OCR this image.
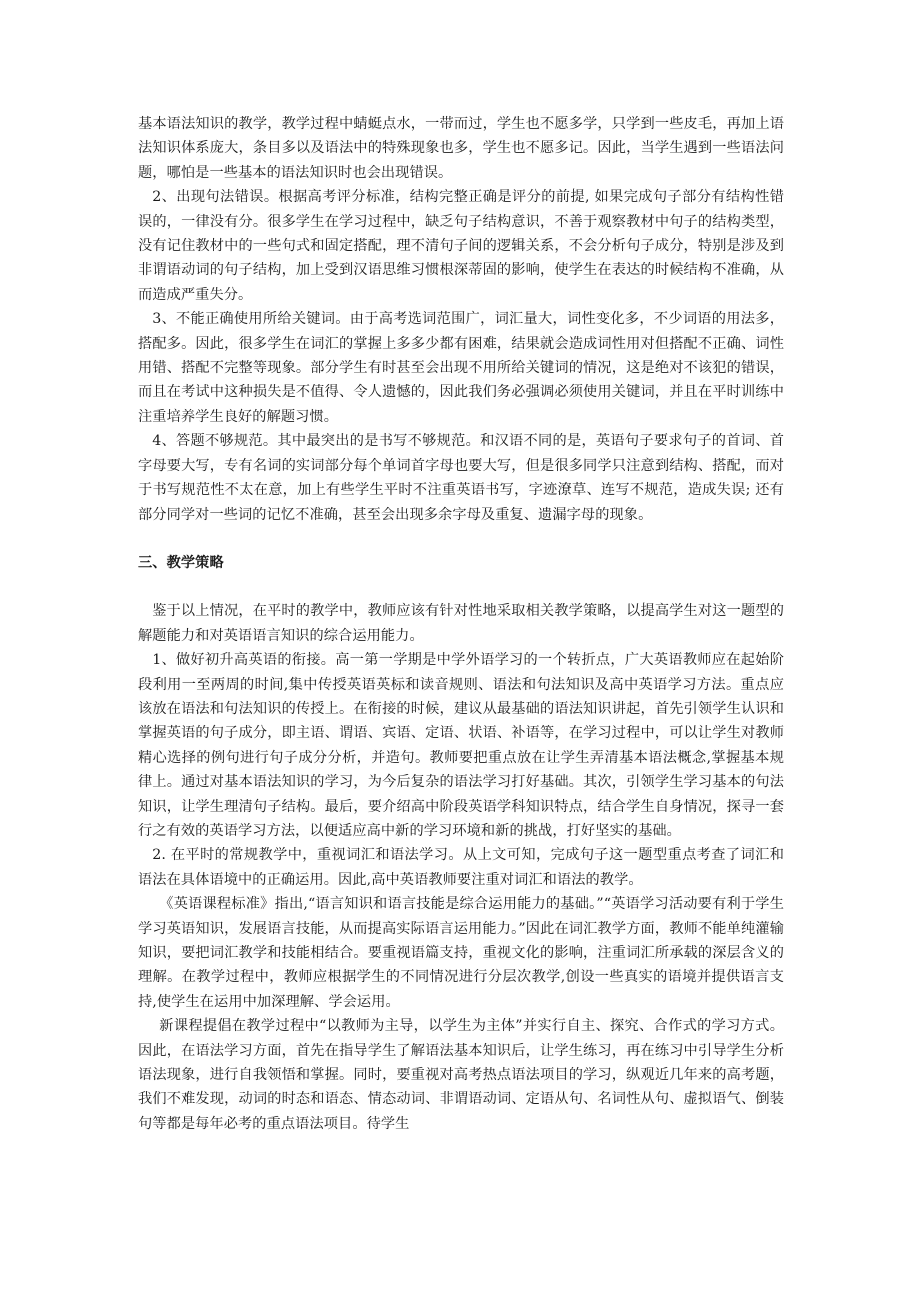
基本语法知识的教学，教学过程中蜻蜓点水，一带而过，学生也不愿多学，只学到一些皮毛，再加上语法知识体系庞大，条目多以及语法中的特殊现象也多，学生也不愿多记。因此，当学生遇到一些语法问题，哪怕是一些基本的语法知识时也会出现错误。

2、出现句法错误。根据高考评分标准，结构完整正确是评分的前提, 如果完成句子部分有结构性错误的，一律没有分。很多学生在学习过程中，缺乏句子结构意识，不善于观察教材中句子的结构类型，没有记住教材中的一些句式和固定搭配，理不清句子间的逻辑关系，不会分析句子成分，特别是涉及到非谓语动词的句子结构，加上受到汉语思维习惯根深蒂固的影响，使学生在表达的时候结构不准确，从而造成严重失分。

3、不能正确使用所给关键词。由于高考选词范围广，词汇量大，词性变化多，不少词语的用法多，搭配多。因此，很多学生在词汇的掌握上多多少都有困难，结果就会造成词性用对但搭配不正确、词性用错、搭配不完整等现象。部分学生有时甚至会出现不用所给关键词的情况，这是绝对不该犯的错误，而且在考试中这种损失是不值得、令人遗憾的，因此我们务必强调必须使用关键词，并且在平时训练中注重培养学生良好的解题习惯。

4、答题不够规范。其中最突出的是书写不够规范。和汉语不同的是，英语句子要求句子的首词、首字母要大写，专有名词的实词部分每个单词首字母也要大写，但是很多同学只注意到结构、搭配，而对于书写规范性不太在意，加上有些学生平时不注重英语书写，字迹潦草、连写不规范，造成失误; 还有部分同学对一些词的记忆不准确，甚至会出现多余字母及重复、遗漏字母的现象。

三、教学策略

鉴于以上情况，在平时的教学中，教师应该有针对性地采取相关教学策略，以提高学生对这一题型的解题能力和对英语语言知识的综合运用能力。

1、做好初升高英语的衔接。高一第一学期是中学外语学习的一个转折点，广大英语教师应在起始阶段利用一至两周的时间,集中传授英语英标和读音规则、语法和句法知识及高中英语学习方法。重点应该放在语法和句法知识的传授上。在衔接的时候，建议从最基础的语法知识讲起，首先引领学生认识和掌握英语的句子成分，即主语、谓语、宾语、定语、状语、补语等，在学习过程中，可以让学生对教师精心选择的例句进行句子成分分析，并造句。教师要把重点放在让学生弄清基本语法概念,掌握基本规律上。通过对基本语法知识的学习，为今后复杂的语法学习打好基础。其次，引领学生学习基本的句法知识，让学生理清句子结构。最后，要介绍高中阶段英语学科知识特点，结合学生自身情况，探寻一套行之有效的英语学习方法，以便适应高中新的学习环境和新的挑战，打好坚实的基础。

2. 在平时的常规教学中，重视词汇和语法学习。从上文可知，完成句子这一题型重点考查了词汇和语法在具体语境中的正确运用。因此,高中英语教师要注重对词汇和语法的教学。

《英语课程标准》指出,“语言知识和语言技能是综合运用能力的基础。”“英语学习活动要有利于学生学习英语知识，发展语言技能，从而提高实际语言运用能力。”因此在词汇教学方面，教师不能单纯灌输知识，要把词汇教学和技能相结合。要重视语篇支持，重视文化的影响，注重词汇所承载的深层含义的理解。在教学过程中，教师应根据学生的不同情况进行分层次教学,创设一些真实的语境并提供语言支持,使学生在运用中加深理解、学会运用。

新课程提倡在教学过程中“以教师为主导，以学生为主体”并实行自主、探究、合作式的学习方式。因此，在语法学习方面，首先在指导学生了解语法基本知识后，让学生练习，再在练习中引导学生分析语法现象，进行自我领悟和掌握。同时，要重视对高考热点语法项目的学习，纵观近几年来的高考题，我们不难发现，动词的时态和语态、情态动词、非谓语动词、定语从句、名词性从句、虚拟语气、倒装句等都是每年必考的重点语法项目。待学生
